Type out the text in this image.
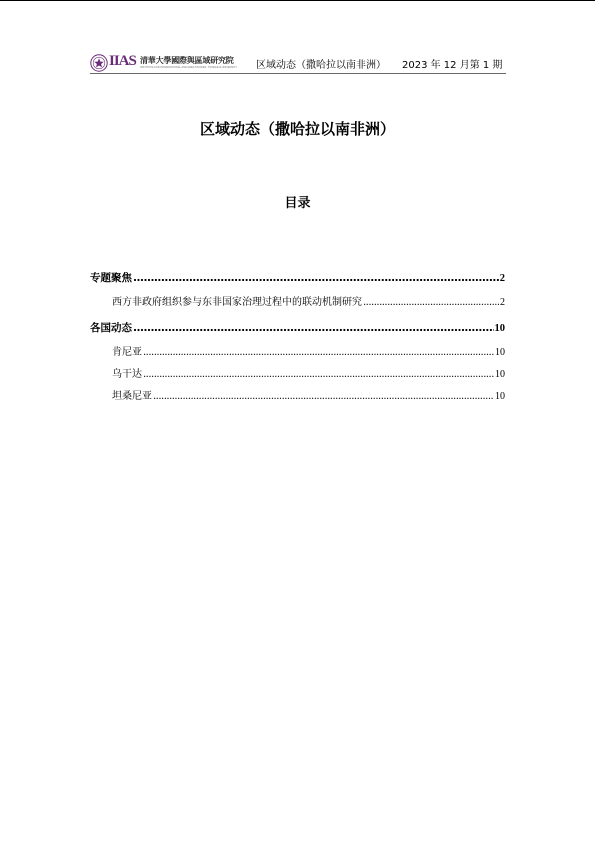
IIAS 清華大學國際與區域研究院
INSTITUTE FOR INTERNATIONAL AND AREA STUDIES, TSINGHUA UNIVERSITY 区域动态（撒哈拉以南非洲） 2023 年 12 月第 1 期
区域动态（撒哈拉以南非洲）
目录
专题聚焦 .....	2
西方非政府组织参与东非国家治理过程中的联动机制研究 .....	2
各国动态 .....	10
肯尼亚 .....	10
乌干达 .....	10
坦桑尼亚 .....	10
